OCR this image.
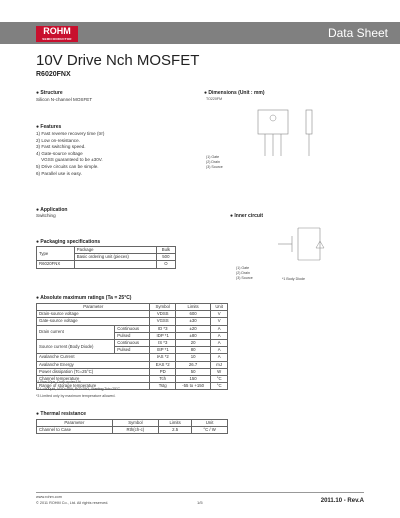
ROHM
SEMICONDUCTOR	Data Sheet
10V Drive Nch MOSFET
R6020FNX
● Structure
Silicon N-channel MOSFET
● Dimensions (Unit : mm)
TO220FM
(1) Gate
(2) Drain
(3) Source
● Features
1) Fast reverse recovery time (trr)
2) Low on-resistance.
3) Fast switching speed.
4) Gate-source voltage
VGSS guaranteed to be ±30V.
5) Drive circuits can be simple.
6) Parallel use is easy.
● Application
Switching	● Inner circuit
(1) Gate
(2) Drain
(3) Source	*1 Body Diode
● Packaging specifications
Type	Package	Bulk
	Basic ordering unit (pieces)	500
R6020FNX		O
● Absolute maximum ratings (Ta = 25°C)
Parameter		Symbol	Limits	Unit
Drain-source voltage		VDSS	600	V
Gate-source voltage		VGSS	±30	V
Drain current	Continuous	ID *3	±20	A
	Pulsed	IDP *1	±80	A
Source current (Body Diode)	Continuous	IS *3	20	A
	Pulsed	ISP *1	80	A
Avalanche Current		IAS *2	10	A
Avalanche Energy		EAS *2	26.7	mJ
Power dissipation (Tc=25°C)		PD	50	W
Channel temperature		Tch	150	°C
Range of storage temperature		Tstg	-55 to +150	°C
*1 Pw≤10μs, Duty cycle≤1%
*2 L=500μH, VDD=50V, RG=25Ω, Starting Tch=25°C
*3 Limited only by maximum temperature allowed.
● Thermal resistance
Parameter	Symbol	Limits	Unit
Channel to Case	Rth(ch-c)	2.5	°C / W
www.rohm.com
© 2011 ROHM Co., Ltd. All rights reserved.	1/5	2011.10 - Rev.A
